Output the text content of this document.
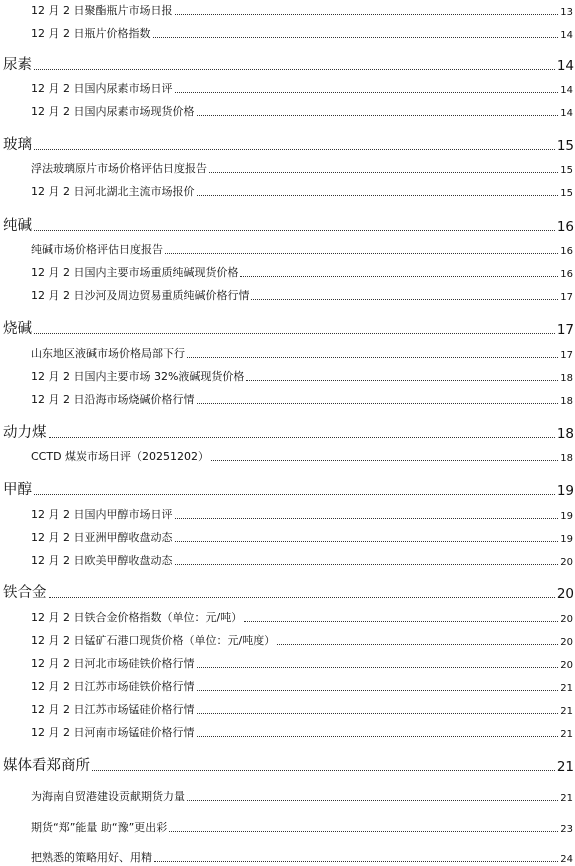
12 月 2 日聚酯瓶片市场日报	13
12 月 2 日瓶片价格指数	14
尿素	14
12 月 2 日国内尿素市场日评	14
12 月 2 日国内尿素市场现货价格	14
玻璃	15
浮法玻璃原片市场价格评估日度报告	15
12 月 2 日河北湖北主流市场报价	15
纯碱	16
纯碱市场价格评估日度报告	16
12 月 2 日国内主要市场重质纯碱现货价格	16
12 月 2 日沙河及周边贸易重质纯碱价格行情	17
烧碱	17
山东地区液碱市场价格局部下行	17
12 月 2 日国内主要市场 32%液碱现货价格	18
12 月 2 日沿海市场烧碱价格行情	18
动力煤	18
CCTD 煤炭市场日评（20251202）	18
甲醇	19
12 月 2 日国内甲醇市场日评	19
12 月 2 日亚洲甲醇收盘动态	19
12 月 2 日欧美甲醇收盘动态	20
铁合金	20
12 月 2 日铁合金价格指数（单位：元/吨）	20
12 月 2 日锰矿石港口现货价格（单位：元/吨度）	20
12 月 2 日河北市场硅铁价格行情	20
12 月 2 日江苏市场硅铁价格行情	21
12 月 2 日江苏市场锰硅价格行情	21
12 月 2 日河南市场锰硅价格行情	21
媒体看郑商所	21
为海南自贸港建设贡献期货力量	21
期货“郑”能量 助“豫”更出彩	23
把熟悉的策略用好、用精	24
